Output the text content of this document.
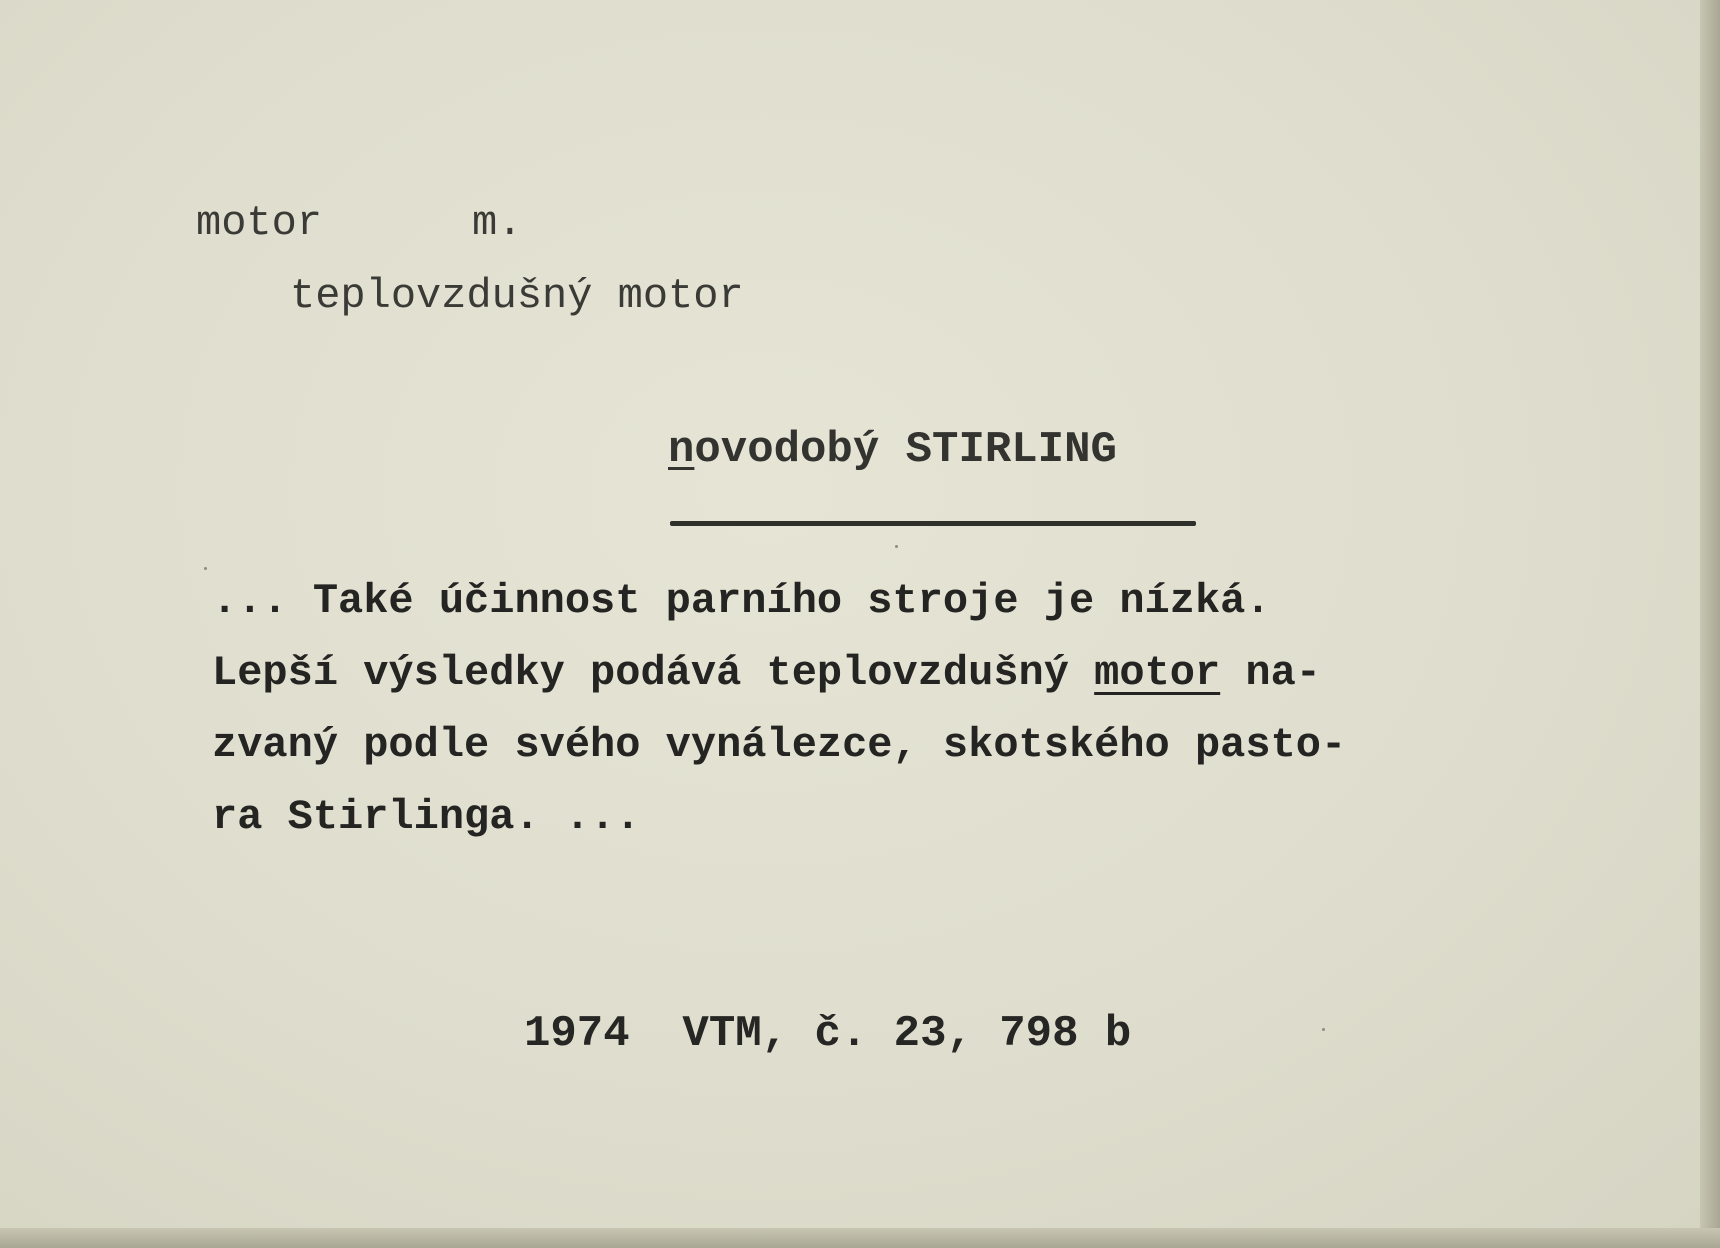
motor	m.
teplovzdušný motor
novodobý STIRLING
... Také účinnost parního stroje je nízká.
Lepší výsledky podává teplovzdušný motor na-
zvaný podle svého vynálezce, skotského pasto-
ra Stirlinga. ...
1974  VTM, č. 23, 798 b
